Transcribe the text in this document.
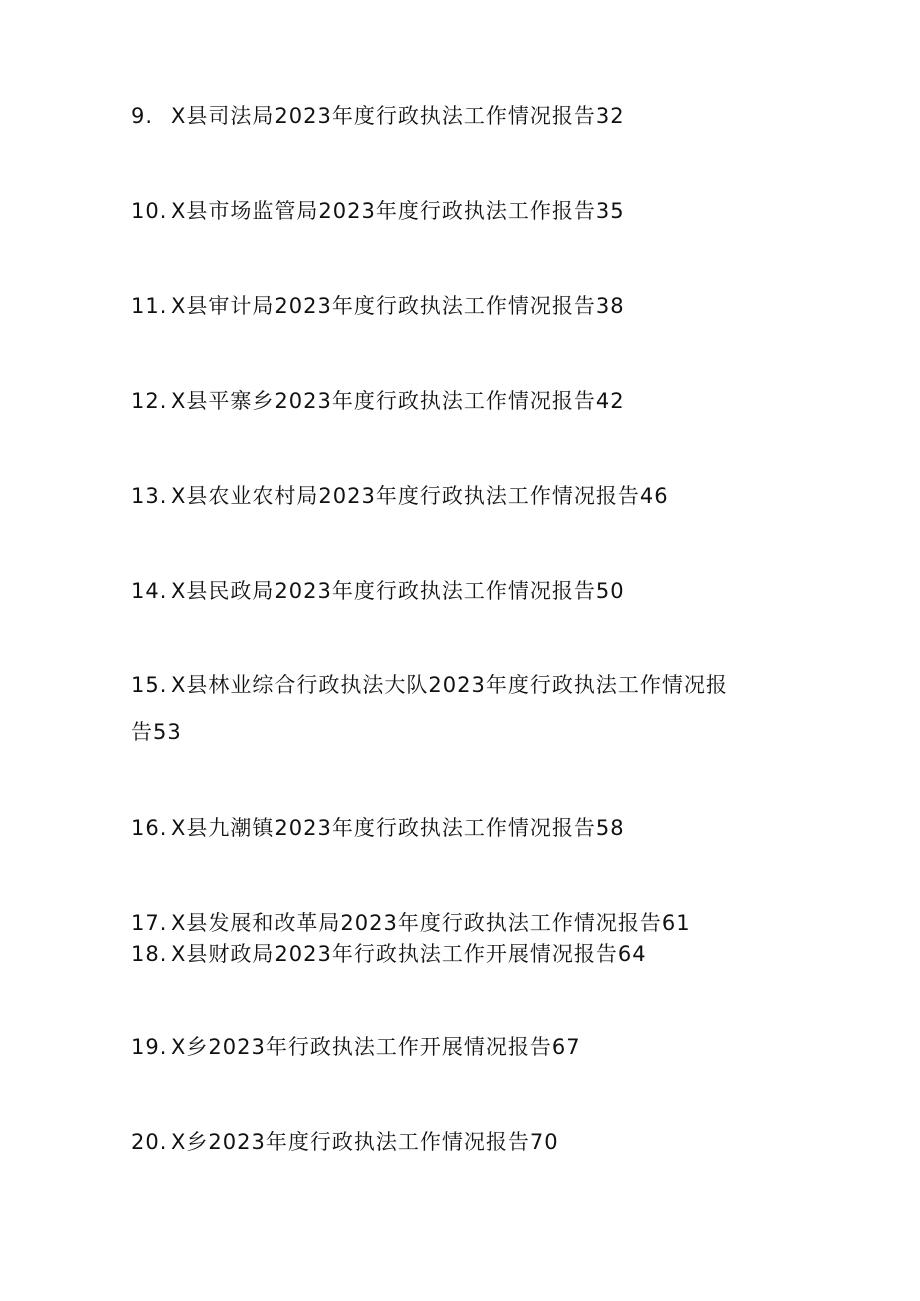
9. X县司法局2023年度行政执法工作情况报告32
10. X县市场监管局2023年度行政执法工作报告35
11. X县审计局2023年度行政执法工作情况报告38
12. X县平寨乡2023年度行政执法工作情况报告42
13. X县农业农村局2023年度行政执法工作情况报告46
14. X县民政局2023年度行政执法工作情况报告50
15. X县林业综合行政执法大队2023年度行政执法工作情况报告53
16. X县九潮镇2023年度行政执法工作情况报告58
17. X县发展和改革局2023年度行政执法工作情况报告61
18. X县财政局2023年行政执法工作开展情况报告64
19. X乡2023年行政执法工作开展情况报告67
20. X乡2023年度行政执法工作情况报告70
